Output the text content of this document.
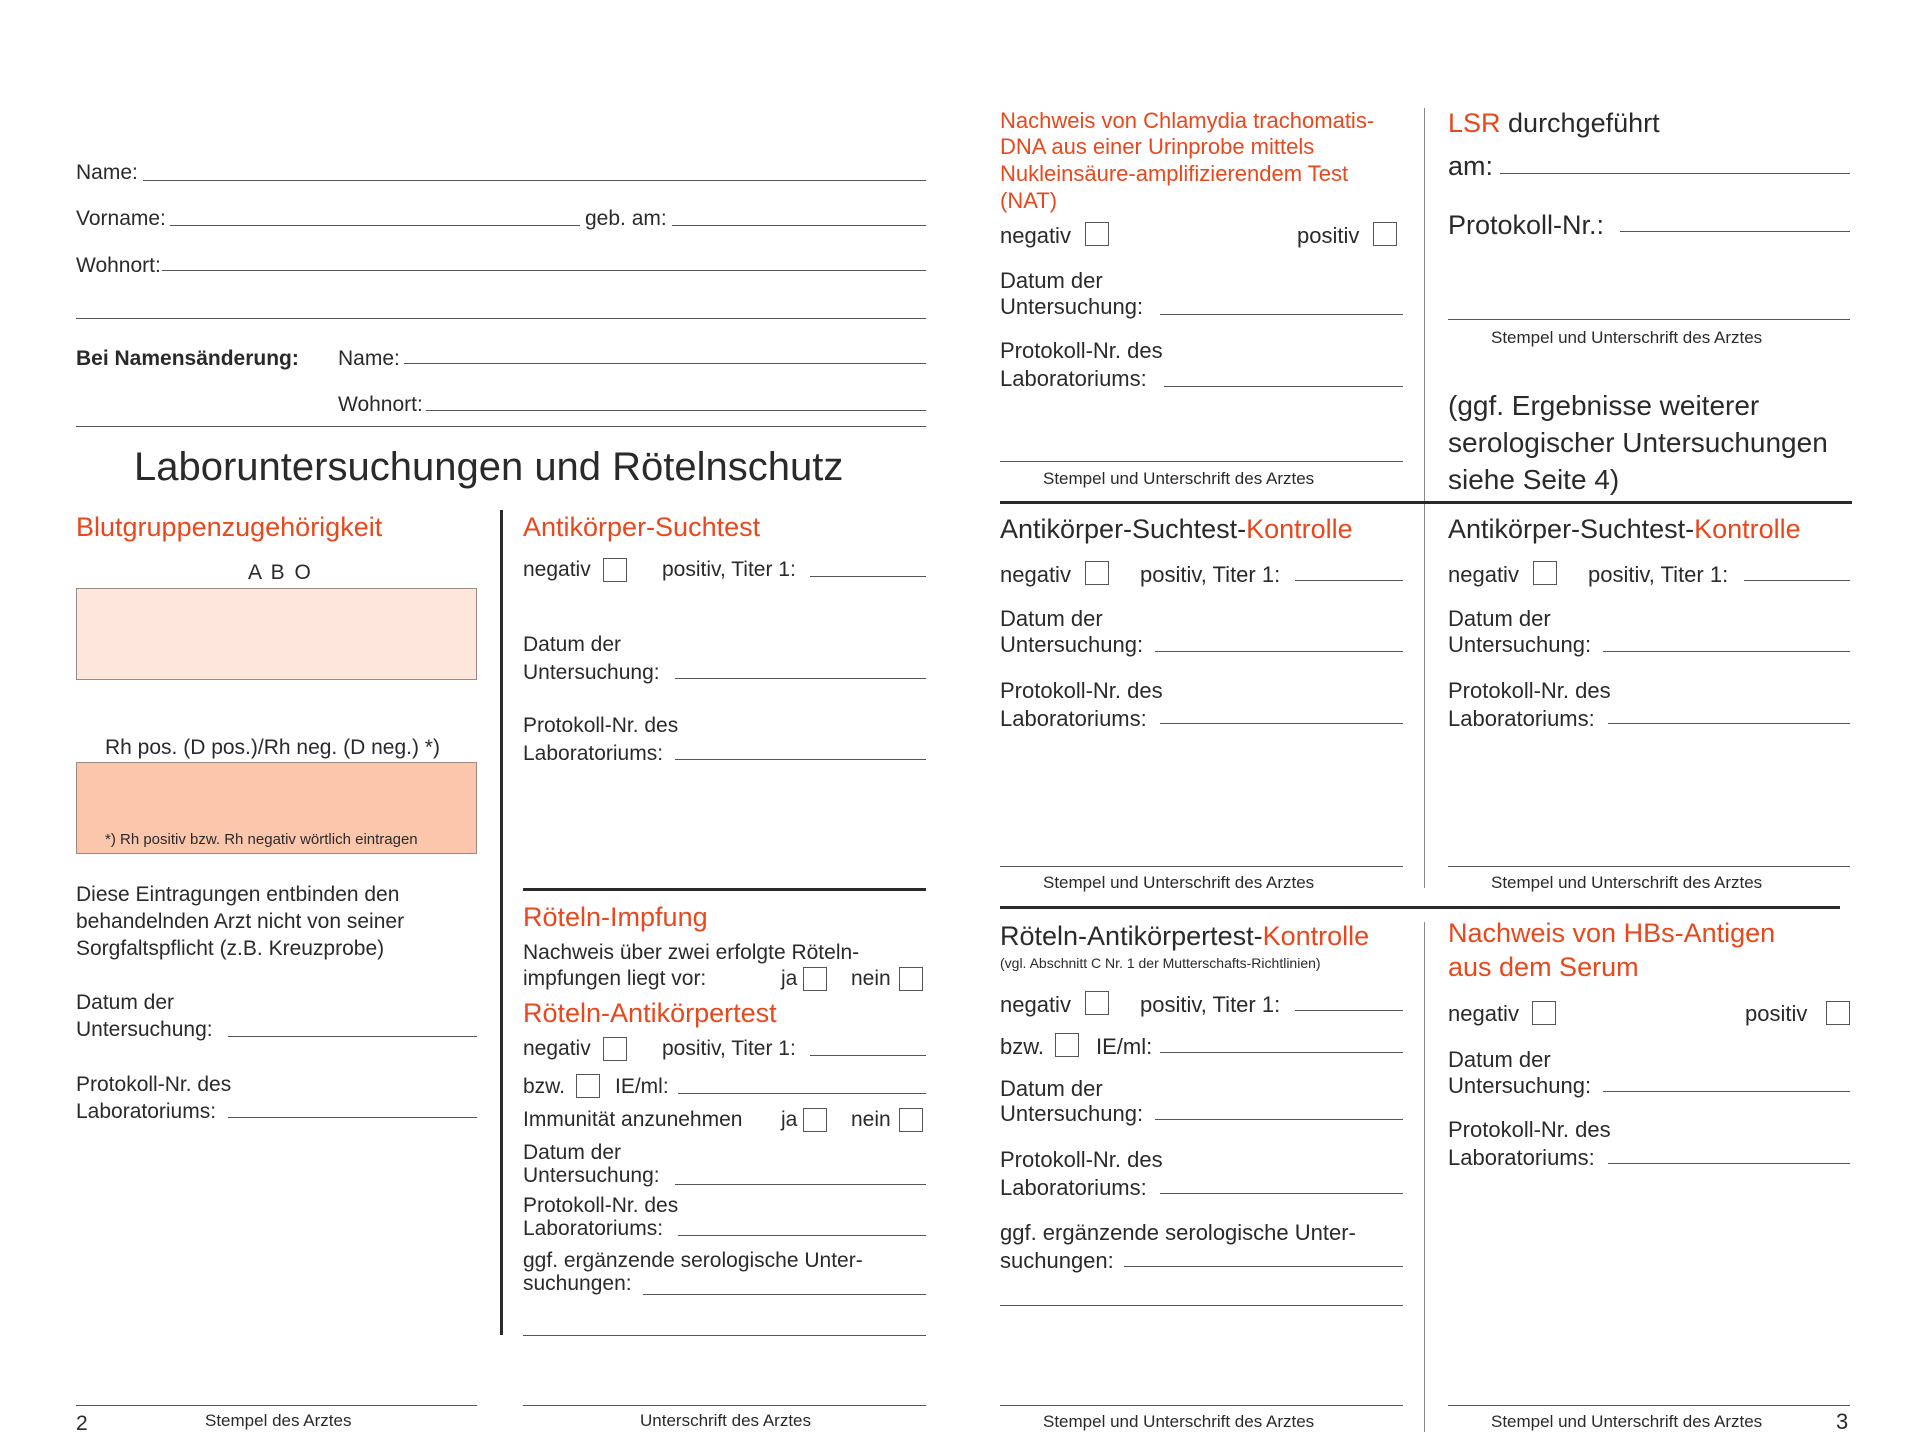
Name:
Vorname:	geb. am:
Wohnort:
Bei Namensänderung: Name:
Wohnort:
Laboruntersuchungen und Rötelnschutz
Blutgruppenzugehörigkeit
A B O
Rh pos. (D pos.)/Rh neg. (D neg.) *)
*) Rh positiv bzw. Rh negativ wörtlich eintragen
Diese Eintragungen entbinden den
behandelnden Arzt nicht von seiner
Sorgfaltspflicht (z.B. Kreuzprobe)
Datum der
Untersuchung:
Protokoll-Nr. des
Laboratoriums:
2	Stempel des Arztes
Antikörper-Suchtest
negativ	positiv, Titer 1:
Datum der
Untersuchung:
Protokoll-Nr. des
Laboratoriums:
Röteln-Impfung
Nachweis über zwei erfolgte Röteln-
impfungen liegt vor:	ja	nein
Röteln-Antikörpertest
negativ	positiv, Titer 1:
bzw. IE/ml:
Immunität anzunehmen ja	nein
Datum der
Untersuchung:
Protokoll-Nr. des
Laboratoriums:
ggf. ergänzende serologische Unter-
suchungen:
Unterschrift des Arztes
Nachweis von Chlamydia trachomatis-
DNA aus einer Urinprobe mittels
Nukleinsäure-amplifizierendem Test
(NAT)
negativ	positiv
Datum der
Untersuchung:
Protokoll-Nr. des
Laboratoriums:
Stempel und Unterschrift des Arztes
LSR durchgeführt
am:
Protokoll-Nr.:
Stempel und Unterschrift des Arztes
(ggf. Ergebnisse weiterer
serologischer Untersuchungen
siehe Seite 4)
Antikörper-Suchtest-Kontrolle
negativ	positiv, Titer 1:
Datum der
Untersuchung:
Protokoll-Nr. des
Laboratoriums:
Stempel und Unterschrift des Arztes
Antikörper-Suchtest-Kontrolle
negativ	positiv, Titer 1:
Datum der
Untersuchung:
Protokoll-Nr. des
Laboratoriums:
Stempel und Unterschrift des Arztes
Röteln-Antikörpertest-Kontrolle
(vgl. Abschnitt C Nr. 1 der Mutterschafts-Richtlinien)
negativ	positiv, Titer 1:
bzw. IE/ml:
Datum der
Untersuchung:
Protokoll-Nr. des
Laboratoriums:
ggf. ergänzende serologische Unter-
suchungen:
Stempel und Unterschrift des Arztes
Nachweis von HBs-Antigen
aus dem Serum
negativ	positiv
Datum der
Untersuchung:
Protokoll-Nr. des
Laboratoriums:
Stempel und Unterschrift des Arztes	3
